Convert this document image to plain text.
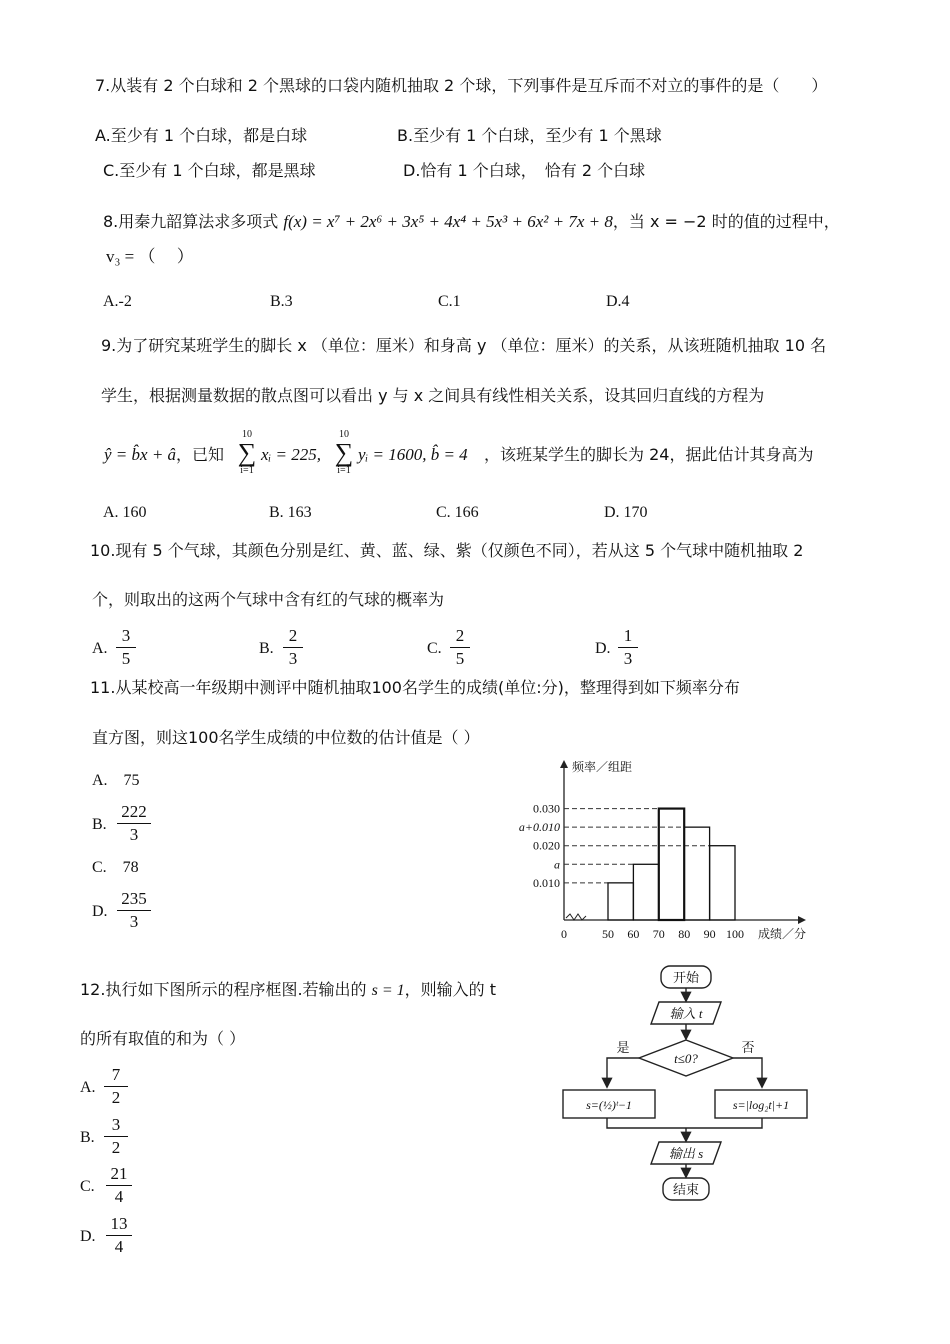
7.从装有 2 个白球和 2 个黑球的口袋内随机抽取 2 个球，下列事件是互斥而不对立的事件的是（　　）
A.至少有 1 个白球，都是白球	B.至少有 1 个白球，至少有 1 个黑球
C.至少有 1 个白球，都是黑球	D.恰有 1 个白球，　恰有 2 个白球
8.用秦九韶算法求多项式 f(x) = x⁷ + 2x⁶ + 3x⁵ + 4x⁴ + 5x³ + 6x² + 7x + 8，当 x = −2 时的值的过程中，
v₃ = （　 ）
A.-2	B.3	C.1	D.4
9.为了研究某班学生的脚长 x （单位：厘米）和身高 y （单位：厘米）的关系，从该班随机抽取 10 名
学生，根据测量数据的散点图可以看出 y 与 x 之间具有线性相关关系，设其回归直线的方程为
ŷ = b̂x + â，已知
10
∑
i=1
xᵢ = 225,
10
∑
i=1
yᵢ = 1600, b̂ = 4 ，该班某学生的脚长为 24，据此估计其身高为
A. 160	B. 163	C. 166	D. 170
10.现有 5 个气球，其颜色分别是红、黄、蓝、绿、紫（仅颜色不同），若从这 5 个气球中随机抽取 2
个，则取出的这两个气球中含有红的气球的概率为
A.
3
5
B.
2
3
C.
2
5
D.
1
3
11.从某校高一年级期中测评中随机抽取100名学生的成绩(单位:分)，整理得到如下频率分布
直方图，则这100名学生成绩的中位数的估计值是（ ）
A.　75
B.
222
3
C.　78
D.
235
3
0.010
a
0.020
a+0.010
0.030
0	50 60 70 80 90 100 成绩／分
频率／组距
12.执行如下图所示的程序框图.若输出的 s = 1，则输入的 t
的所有取值的和为（ ）
A.
7
2
B.
3
2
C.
21
4
D.
13
4
开始
输入 t
t≤0?
是	否
s=(½)ᵗ−1	s=|log₂t|+1
输出 s
结束
